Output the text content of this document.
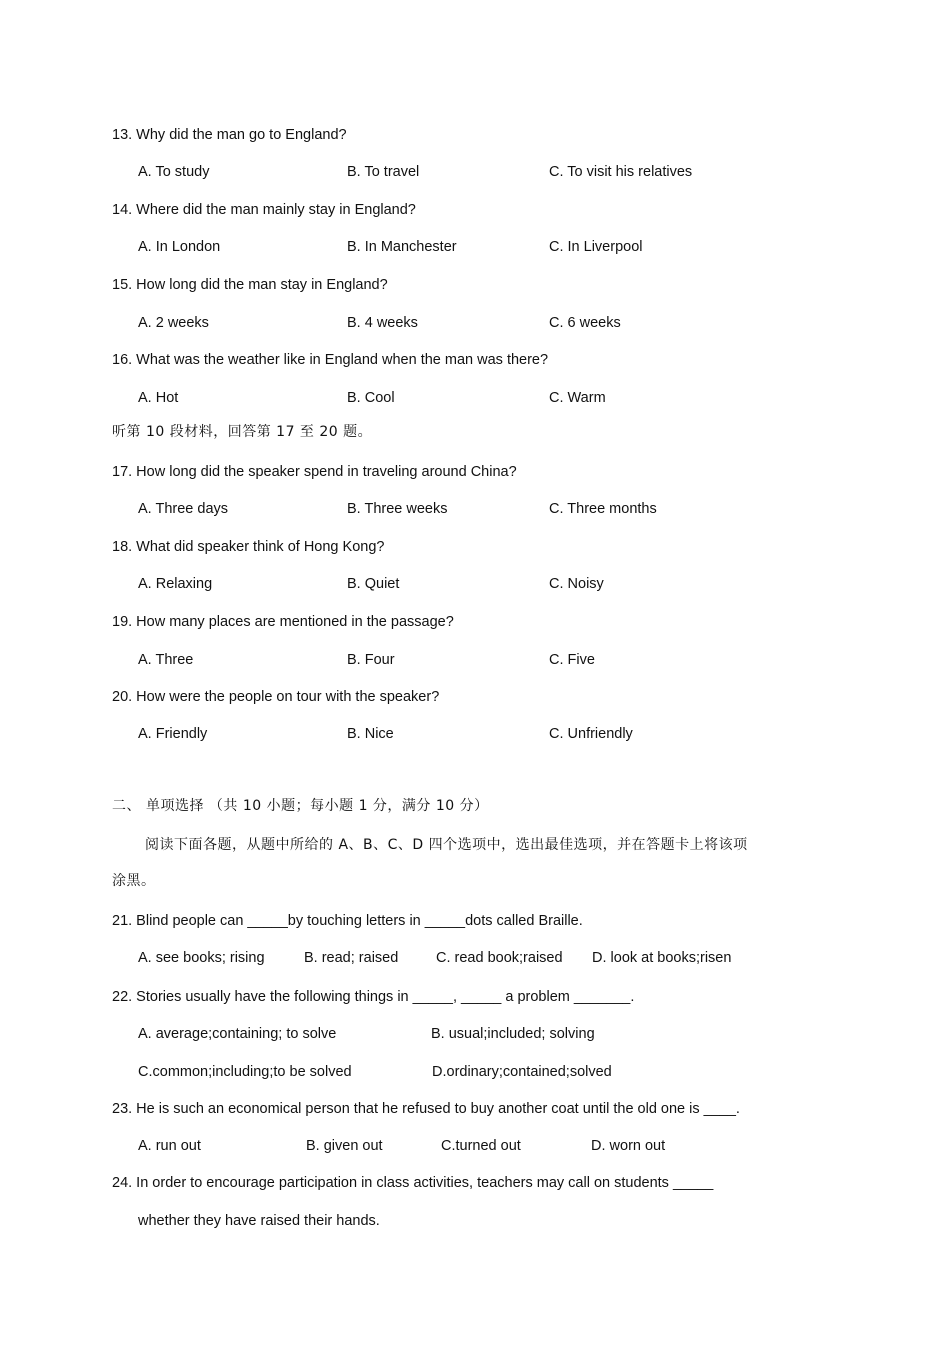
13. Why did the man go to England?
A. To study	B. To travel	C. To visit his relatives
14. Where did the man mainly stay in England?
A. In London	B. In Manchester	C. In Liverpool
15. How long did the man stay in England?
A. 2 weeks	B. 4 weeks	C. 6 weeks
16. What was the weather like in England when the man was there?
A. Hot	B. Cool	C. Warm
听第 10 段材料，回答第 17 至 20 题。
17. How long did the speaker spend in traveling around China?
A. Three days	B. Three weeks	C. Three months
18. What did speaker think of Hong Kong?
A. Relaxing	B. Quiet	C. Noisy
19. How many places are mentioned in the passage?
A. Three	B. Four	C. Five
20. How were the people on tour with the speaker?
A. Friendly	B. Nice	C. Unfriendly
二、 单项选择 （共 10 小题；每小题 1 分，满分 10 分）
阅读下面各题，从题中所给的 A、B、C、D 四个选项中，选出最佳选项，并在答题卡上将该项
涂黑。
21. Blind people can _____by touching letters in _____dots called Braille.
A. see books; rising	B. read; raised	C. read book;raised D. look at books;risen
22. Stories usually have the following things in _____, _____ a problem _______.
A. average;containing; to solve	B. usual;included; solving
C.common;including;to be solved	D.ordinary;contained;solved
23. He is such an economical person that he refused to buy another coat until the old one is ____.
A. run out	B. given out	C.turned out	D. worn out
24. In order to encourage participation in class activities, teachers may call on students _____
whether they have raised their hands.
